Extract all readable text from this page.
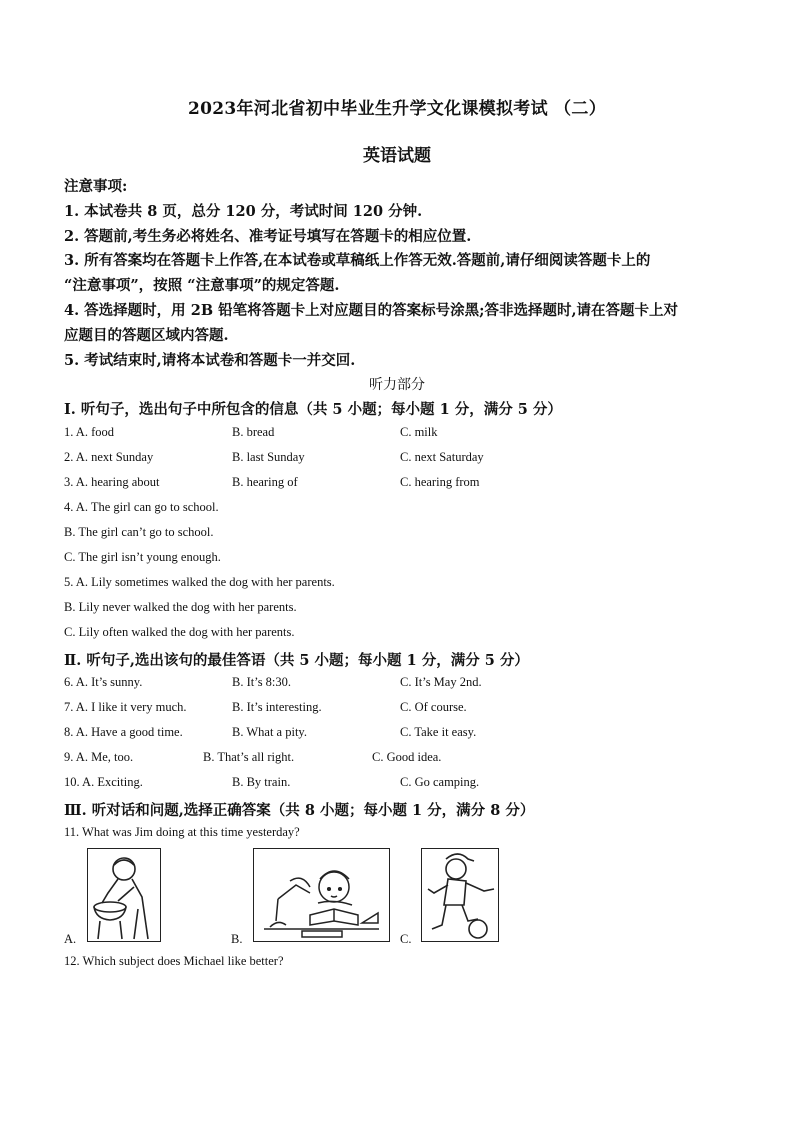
2023年河北省初中毕业生升学文化课模拟考试 （二）
英语试题
注意事项:
1. 本试卷共 8 页，总分 120 分，考试时间 120 分钟.
2. 答题前,考生务必将姓名、准考证号填写在答题卡的相应位置.
3. 所有答案均在答题卡上作答,在本试卷或草稿纸上作答无效.答题前,请仔细阅读答题卡上的
“注意事项”，按照 “注意事项”的规定答题.
4. 答选择题时，用 2B 铅笔将答题卡上对应题目的答案标号涂黑;答非选择题时,请在答题卡上对
应题目的答题区域内答题.
5. 考试结束时,请将本试卷和答题卡一并交回.
听力部分
Ⅰ. 听句子，选出句子中所包含的信息（共 5 小题；每小题 1 分，满分 5 分）
1. A. food	B. bread	C. milk
2. A. next Sunday	B. last Sunday	C. next Saturday
3. A. hearing about	B. hearing of	C. hearing from
4. A. The girl can go to school.
B. The girl can’t go to school.
C. The girl isn’t young enough.
5. A. Lily sometimes walked the dog with her parents.
B. Lily never walked the dog with her parents.
C. Lily often walked the dog with her parents.
Ⅱ. 听句子,选出该句的最佳答语（共 5 小题；每小题 1 分，满分 5 分）
6. A. It’s sunny.	B. It’s 8:30.	C. It’s May 2nd.
7. A. I like it very much.	B. It’s interesting.	C. Of course.
8. A. Have a good time.	B. What a pity.	C. Take it easy.
9. A. Me, too.	B. That’s all right.	C. Good idea.
10. A. Exciting.	B. By train.	C. Go camping.
Ⅲ. 听对话和问题,选择正确答案（共 8 小题；每小题 1 分，满分 8 分）
11. What was Jim doing at this time yesterday?
A.	B.	C.
12. Which subject does Michael like better?
